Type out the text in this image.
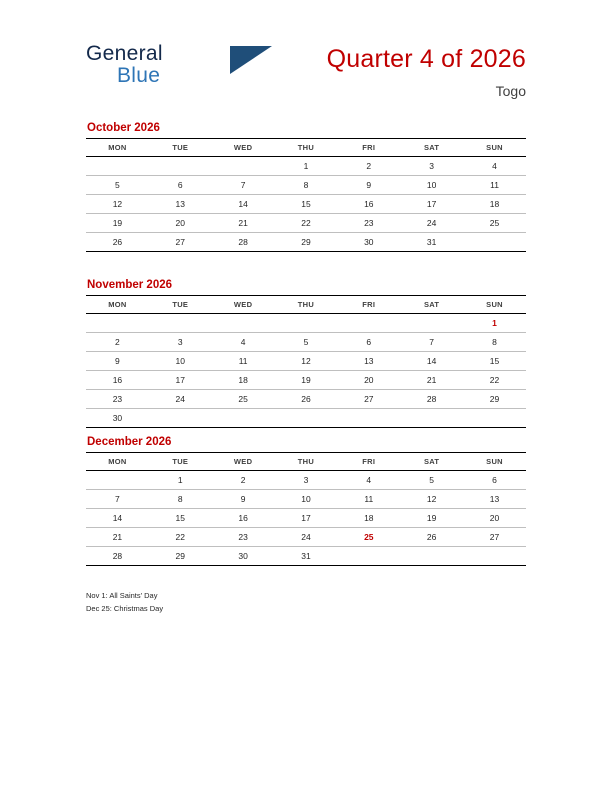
General
Blue
Quarter 4 of 2026
Togo
October 2026
MON	TUE	WED	THU	FRI	SAT	SUN
			1	2	3	4
5	6	7	8	9	10	11
12	13	14	15	16	17	18
19	20	21	22	23	24	25
26	27	28	29	30	31	
November 2026
MON	TUE	WED	THU	FRI	SAT	SUN
						1
2	3	4	5	6	7	8
9	10	11	12	13	14	15
16	17	18	19	20	21	22
23	24	25	26	27	28	29
30						
December 2026
MON	TUE	WED	THU	FRI	SAT	SUN
	1	2	3	4	5	6
7	8	9	10	11	12	13
14	15	16	17	18	19	20
21	22	23	24	25	26	27
28	29	30	31			
Nov 1: All Saints' Day
Dec 25: Christmas Day
